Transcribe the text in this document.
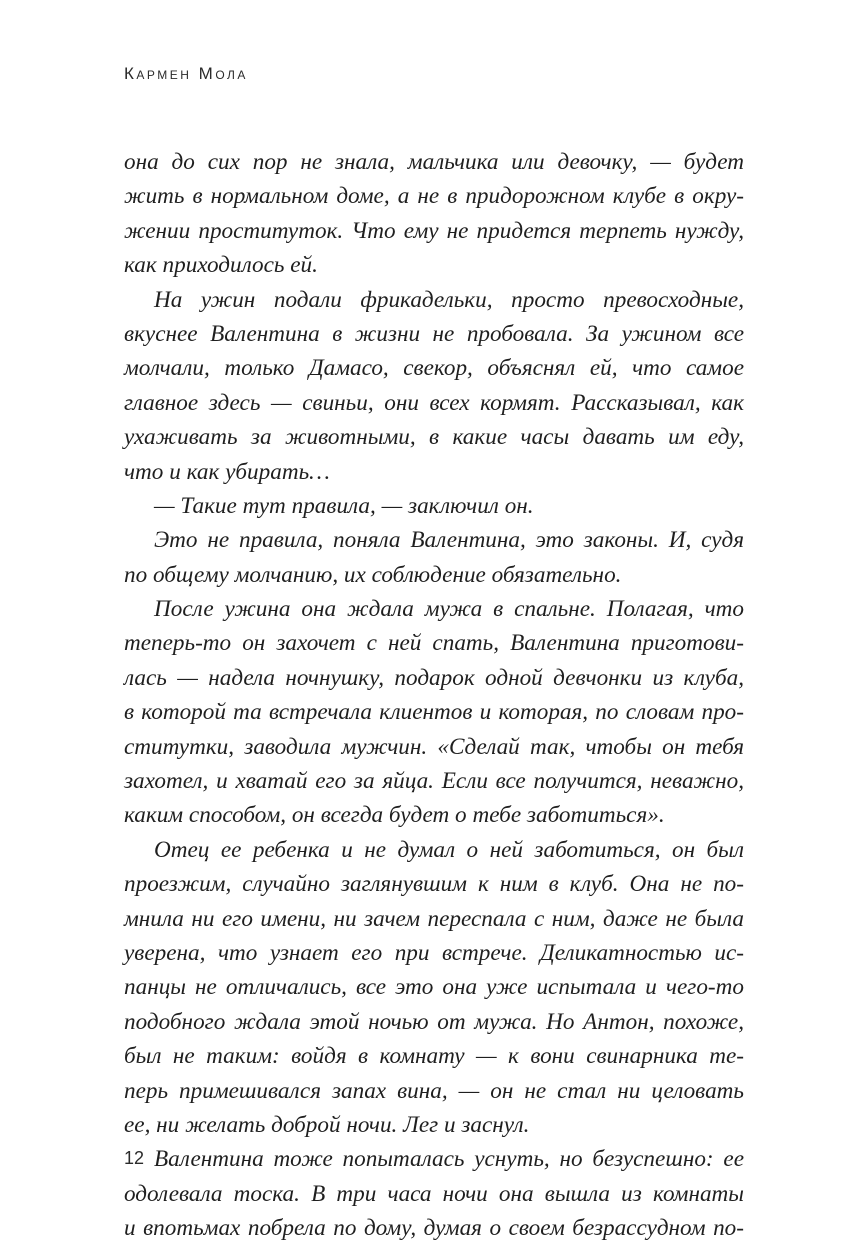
Кармен Мола

она до сих пор не знала, мальчика или девочку, — будет
жить в нормальном доме, а не в придорожном клубе в окру-
жении проституток. Что ему не придется терпеть нужду,
как приходилось ей.
На ужин подали фрикадельки, просто превосходные,
вкуснее Валентина в жизни не пробовала. За ужином все
молчали, только Дамасо, свекор, объяснял ей, что самое
главное здесь — свиньи, они всех кормят. Рассказывал, как
ухаживать за животными, в какие часы давать им еду,
что и как убирать…
— Такие тут правила, — заключил он.
Это не правила, поняла Валентина, это законы. И, судя
по общему молчанию, их соблюдение обязательно.
После ужина она ждала мужа в спальне. Полагая, что
теперь-то он захочет с ней спать, Валентина приготови-
лась — надела ночнушку, подарок одной девчонки из клуба,
в которой та встречала клиентов и которая, по словам про-
ститутки, заводила мужчин. «Сделай так, чтобы он тебя
захотел, и хватай его за яйца. Если все получится, неважно,
каким способом, он всегда будет о тебе заботиться».
Отец ее ребенка и не думал о ней заботиться, он был
проезжим, случайно заглянувшим к ним в клуб. Она не по-
мнила ни его имени, ни зачем переспала с ним, даже не была
уверена, что узнает его при встрече. Деликатностью ис-
панцы не отличались, все это она уже испытала и чего-то
подобного ждала этой ночью от мужа. Но Антон, похоже,
был не таким: войдя в комнату — к вони свинарника те-
перь примешивался запах вина, — он не стал ни целовать
ее, ни желать доброй ночи. Лег и заснул.
Валентина тоже попыталась уснуть, но безуспешно: ее
одолевала тоска. В три часа ночи она вышла из комнаты
и впотьмах побрела по дому, думая о своем безрассудном по-

12
